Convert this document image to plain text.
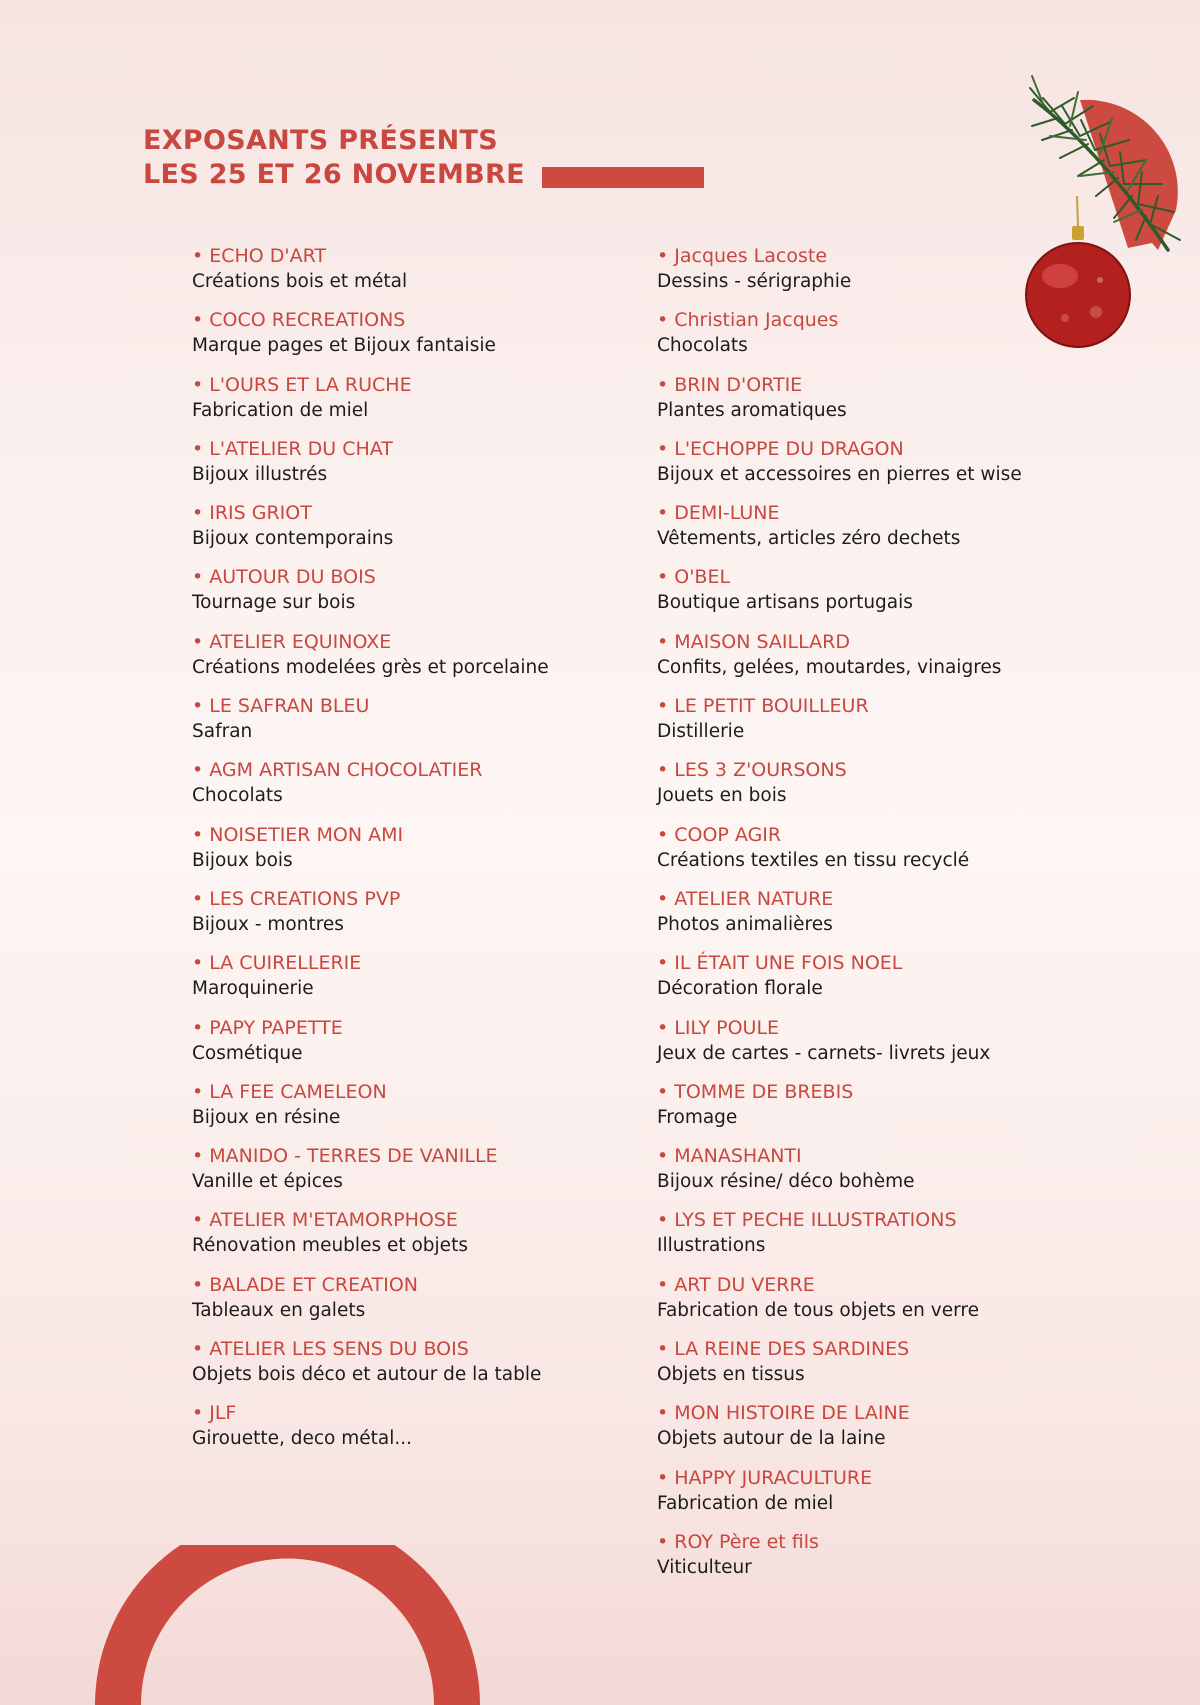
EXPOSANTS PRÉSENTS
LES 25 ET 26 NOVEMBRE
• ECHO D'ART
Créations bois et métal
• COCO RECREATIONS
Marque pages et Bijoux fantaisie
• L'OURS ET LA RUCHE
Fabrication de miel
• L'ATELIER DU CHAT
Bijoux illustrés
• IRIS GRIOT
Bijoux contemporains
• AUTOUR DU BOIS
Tournage sur bois
• ATELIER EQUINOXE
Créations modelées grès et porcelaine
• LE SAFRAN BLEU
Safran
• AGM ARTISAN CHOCOLATIER
Chocolats
• NOISETIER MON AMI
Bijoux bois
• LES CREATIONS PVP
Bijoux - montres
• LA CUIRELLERIE
Maroquinerie
• PAPY PAPETTE
Cosmétique
• LA FEE CAMELEON
Bijoux en résine
• MANIDO - TERRES DE VANILLE
Vanille et épices
• ATELIER M'ETAMORPHOSE
Rénovation meubles et objets
• BALADE ET CREATION
Tableaux en galets
• ATELIER LES SENS DU BOIS
Objets bois déco et autour de la table
• JLF
Girouette, deco métal...
• Jacques Lacoste
Dessins - sérigraphie
• Christian Jacques
Chocolats
• BRIN D'ORTIE
Plantes aromatiques
• L'ECHOPPE DU DRAGON
Bijoux et accessoires en pierres et wise
• DEMI-LUNE
Vêtements, articles zéro dechets
• O'BEL
Boutique artisans portugais
• MAISON SAILLARD
Confits, gelées, moutardes, vinaigres
• LE PETIT BOUILLEUR
Distillerie
• LES 3 Z'OURSONS
Jouets en bois
• COOP AGIR
Créations textiles en tissu recyclé
• ATELIER NATURE
Photos animalières
• IL ÉTAIT UNE FOIS NOEL
Décoration florale
• LILY POULE
Jeux de cartes - carnets- livrets jeux
• TOMME DE BREBIS
Fromage
• MANASHANTI
Bijoux résine/ déco bohème
• LYS ET PECHE ILLUSTRATIONS
Illustrations
• ART DU VERRE
Fabrication de tous objets en verre
• LA REINE DES SARDINES
Objets en tissus
• MON HISTOIRE DE LAINE
Objets autour de la laine
• HAPPY JURACULTURE
Fabrication de miel
• ROY Père et fils
Viticulteur
